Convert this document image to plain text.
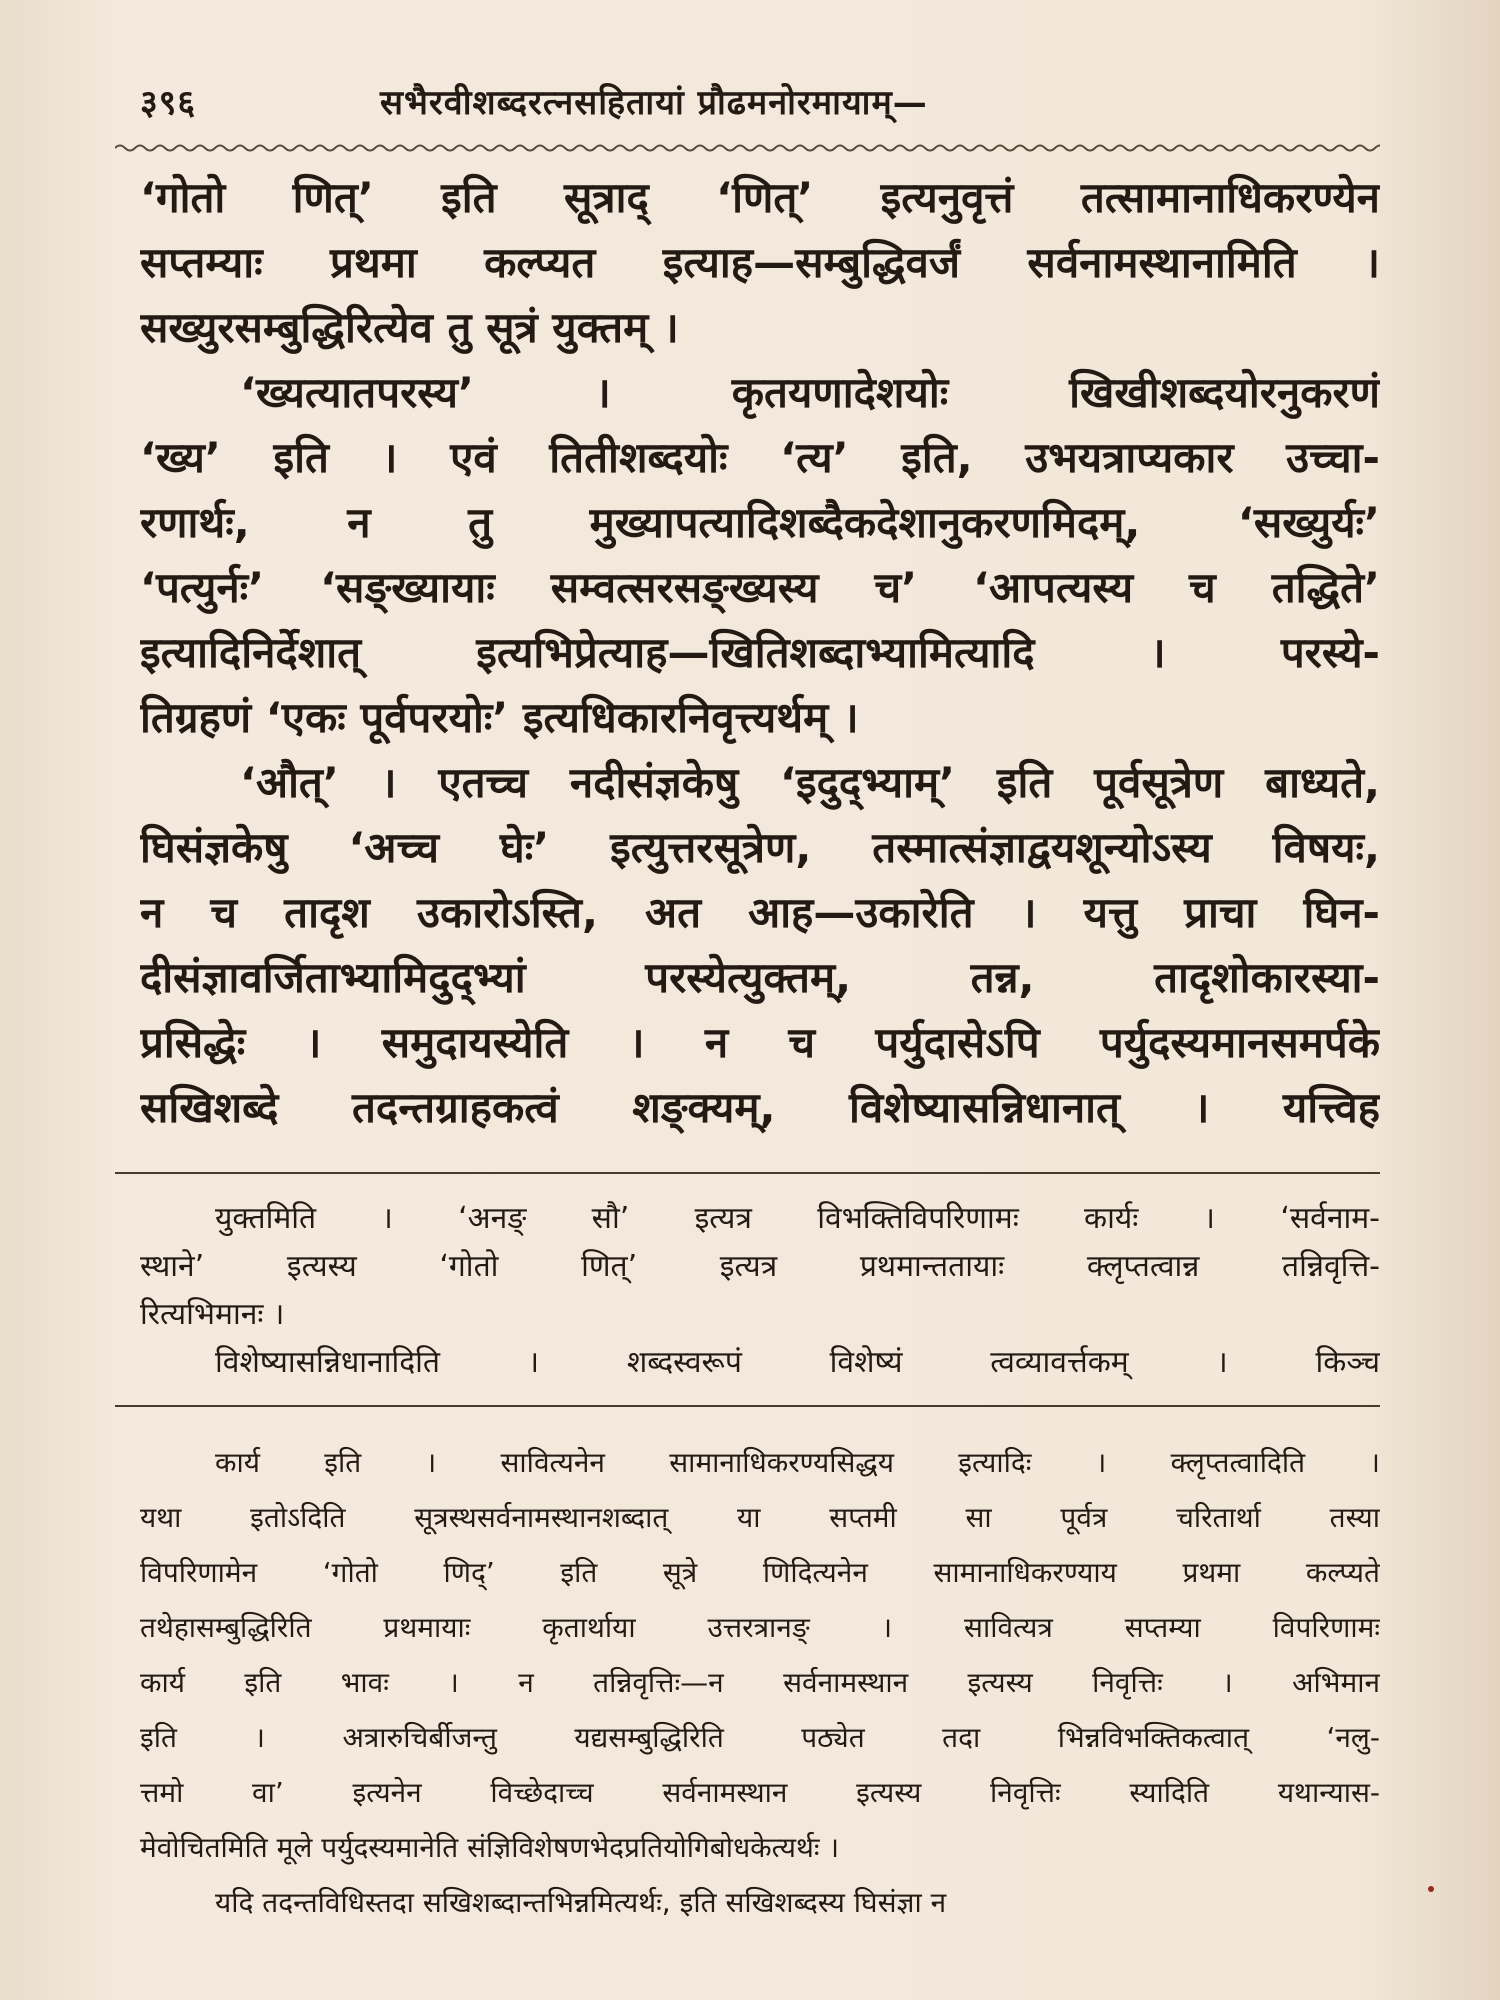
३९६	सभैरवीशब्दरत्नसहितायां प्रौढमनोरमायाम्—

‘गोतो णित्’ इति सूत्राद् ‘णित्’ इत्यनुवृत्तं तत्सामानाधिकरण्येन

सप्तम्याः प्रथमा कल्प्यत इत्याह—सम्बुद्धिवर्जं सर्वनामस्थानामिति ।

सख्युरसम्बुद्धिरित्येव तु सूत्रं युक्तम् ।

‘ख्यत्यातपरस्य’ । कृतयणादेशयोः खिखीशब्दयोरनुकरणं

‘ख्य’ इति । एवं तितीशब्दयोः ‘त्य’ इति, उभयत्राप्यकार उच्चा-

रणार्थः, न तु मुख्यापत्यादिशब्दैकदेशानुकरणमिदम्, ‘सख्युर्यः’

‘पत्युर्नः’ ‘सङ्ख्यायाः सम्वत्सरसङ्ख्यस्य च’ ‘आपत्यस्य च तद्धिते’

इत्यादिनिर्देशात् इत्यभिप्रेत्याह—खितिशब्दाभ्यामित्यादि । परस्ये-

तिग्रहणं ‘एकः पूर्वपरयोः’ इत्यधिकारनिवृत्त्यर्थम् ।

‘औत्’ । एतच्च नदीसंज्ञकेषु ‘इदुद्भ्याम्’ इति पूर्वसूत्रेण बाध्यते,

घिसंज्ञकेषु ‘अच्च घेः’ इत्युत्तरसूत्रेण, तस्मात्संज्ञाद्वयशून्योऽस्य विषयः,

न च तादृश उकारोऽस्ति, अत आह—उकारेति । यत्तु प्राचा घिन-

दीसंज्ञावर्जिताभ्यामिदुद्भ्यां परस्येत्युक्तम्, तन्न, तादृशोकारस्या-

प्रसिद्धेः । समुदायस्येति । न च पर्युदासेऽपि पर्युदस्यमानसमर्पके

सखिशब्दे तदन्तग्राहकत्वं शङ्क्यम्, विशेष्यासन्निधानात् । यत्त्विह

युक्तमिति । ‘अनङ् सौ’ इत्यत्र विभक्तिविपरिणामः कार्यः । ‘सर्वनाम-

स्थाने’ इत्यस्य ‘गोतो णित्’ इत्यत्र प्रथमान्ततायाः क्लृप्तत्वान्न तन्निवृत्ति-

रित्यभिमानः ।

विशेष्यासन्निधानादिति । शब्दस्वरूपं विशेष्यं त्वव्यावर्त्तकम् । किञ्च

कार्य इति । सावित्यनेन सामानाधिकरण्यसिद्धय इत्यादिः । क्लृप्तत्वादिति ।

यथा इतोऽदिति सूत्रस्थसर्वनामस्थानशब्दात् या सप्तमी सा पूर्वत्र चरितार्था तस्या

विपरिणामेन ‘गोतो णिद्’ इति सूत्रे णिदित्यनेन सामानाधिकरण्याय प्रथमा कल्प्यते

तथेहासम्बुद्धिरिति प्रथमायाः कृतार्थाया उत्तरत्रानङ् । सावित्यत्र सप्तम्या विपरिणामः

कार्य इति भावः । न तन्निवृत्तिः—न सर्वनामस्थान इत्यस्य निवृत्तिः । अभिमान

इति । अत्रारुचिर्बीजन्तु यद्यसम्बुद्धिरिति पठ्येत तदा भिन्नविभक्तिकत्वात् ‘नलु-

त्तमो वा’ इत्यनेन विच्छेदाच्च सर्वनामस्थान इत्यस्य निवृत्तिः स्यादिति यथान्यास-

मेवोचितमिति मूले पर्युदस्यमानेति संज्ञिविशेषणभेदप्रतियोगिबोधकेत्यर्थः ।

यदि तदन्तविधिस्तदा सखिशब्दान्तभिन्नमित्यर्थः, इति सखिशब्दस्य घिसंज्ञा न
